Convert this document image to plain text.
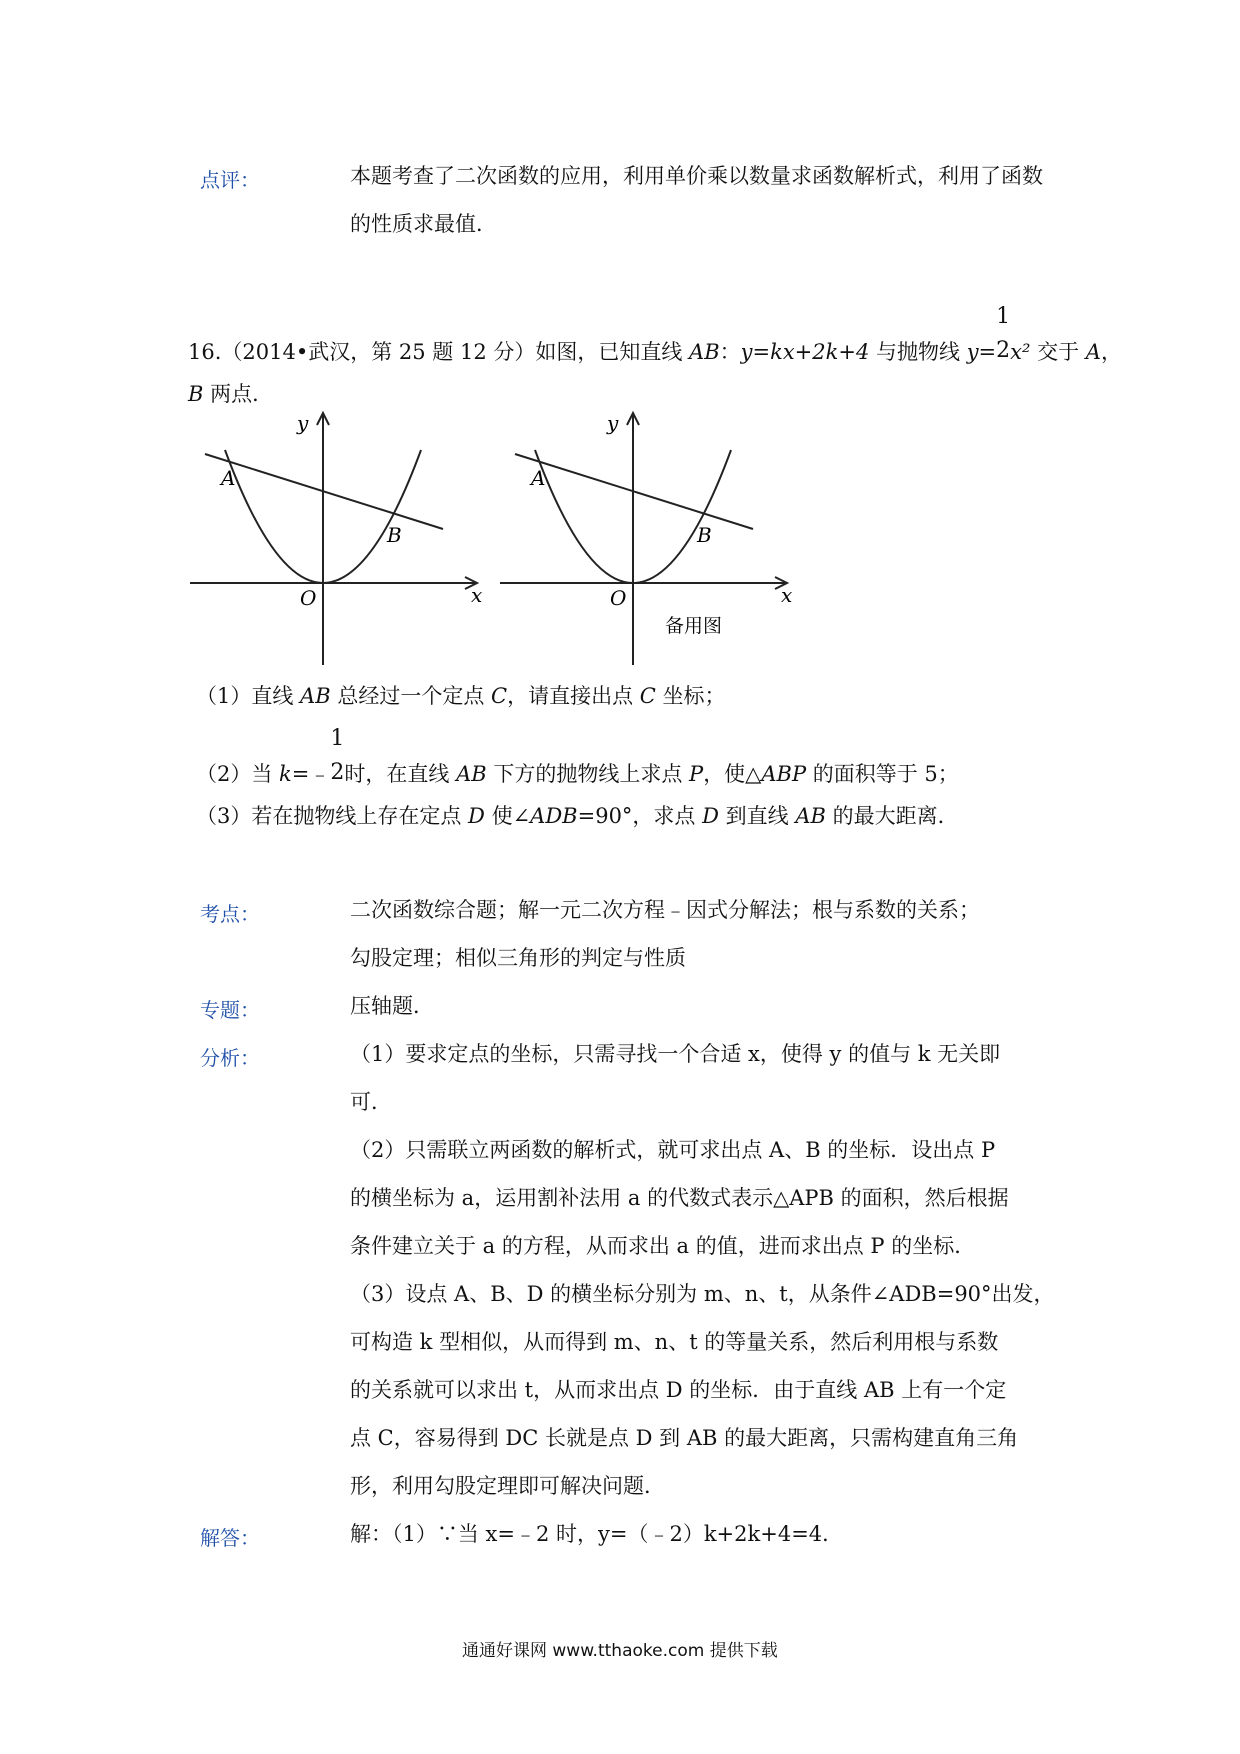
点评：	本题考查了二次函数的应用，利用单价乘以数量求函数解析式，利用了函数
的性质求最值．
16.（2014•武汉，第 25 题 12 分）如图，已知直线 AB：y=kx+2k+4 与抛物线 y=
1
2 x² 交于 A，
B 两点．
y
x
O
A
B
y
x
O
A
B
备用图
（1）直线 AB 总经过一个定点 C，请直接出点 C 坐标；
（2）当 k=﹣
1
2 时，在直线 AB 下方的抛物线上求点 P，使△ABP 的面积等于 5；
（3）若在抛物线上存在定点 D 使∠ADB=90°，求点 D 到直线 AB 的最大距离．
考点：	二次函数综合题；解一元二次方程﹣因式分解法；根与系数的关系；
勾股定理；相似三角形的判定与性质
专题：	压轴题．
分析：	（1）要求定点的坐标，只需寻找一个合适 x，使得 y 的值与 k 无关即
可．
（2）只需联立两函数的解析式，就可求出点 A、B 的坐标．设出点 P
的横坐标为 a，运用割补法用 a 的代数式表示△APB 的面积，然后根据
条件建立关于 a 的方程，从而求出 a 的值，进而求出点 P 的坐标．
（3）设点 A、B、D 的横坐标分别为 m、n、t，从条件∠ADB=90°出发，
可构造 k 型相似，从而得到 m、n、t 的等量关系，然后利用根与系数
的关系就可以求出 t，从而求出点 D 的坐标．由于直线 AB 上有一个定
点 C，容易得到 DC 长就是点 D 到 AB 的最大距离，只需构建直角三角
形，利用勾股定理即可解决问题．
解答：	解：（1）∵当 x=﹣2 时，y=（﹣2）k+2k+4=4．
通通好课网 www.tthaoke.com 提供下载
